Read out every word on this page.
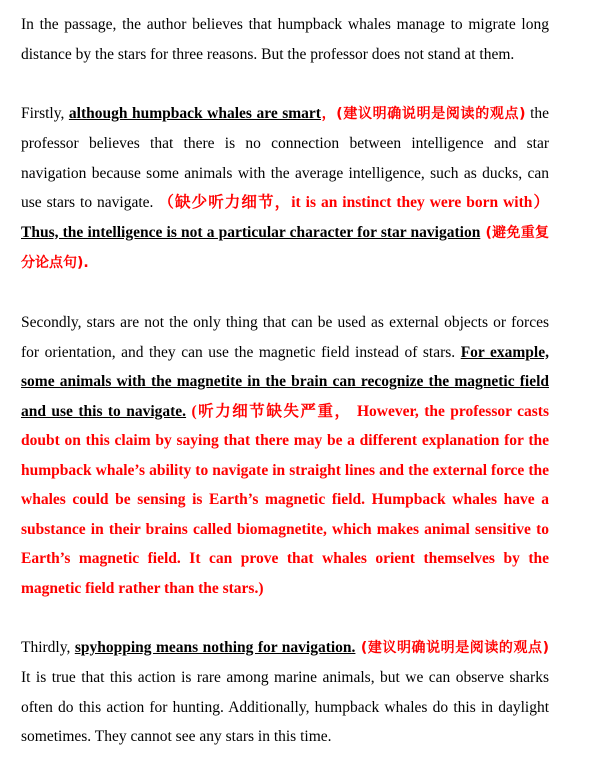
In the passage, the author believes that humpback whales manage to migrate long distance by the stars for three reasons. But the professor does not stand at them.

Firstly, although humpback whales are smart，(建议明确说明是阅读的观点) the professor believes that there is no connection between intelligence and star navigation because some animals with the average intelligence, such as ducks, can use stars to navigate. （缺少听力细节，it is an instinct they were born with） Thus, the intelligence is not a particular character for star navigation (避免重复分论点句).

Secondly, stars are not the only thing that can be used as external objects or forces for orientation, and they can use the magnetic field instead of stars. For example, some animals with the magnetite in the brain can recognize the magnetic field and use this to navigate. (听力细节缺失严重， However, the professor casts doubt on this claim by saying that there may be a different explanation for the humpback whale’s ability to navigate in straight lines and the external force the whales could be sensing is Earth’s magnetic field. Humpback whales have a substance in their brains called biomagnetite, which makes animal sensitive to Earth’s magnetic field. It can prove that whales orient themselves by the magnetic field rather than the stars.)

Thirdly, spyhopping means nothing for navigation. (建议明确说明是阅读的观点) It is true that this action is rare among marine animals, but we can observe sharks often do this action for hunting. Additionally, humpback whales do this in daylight sometimes. They cannot see any stars in this time.
